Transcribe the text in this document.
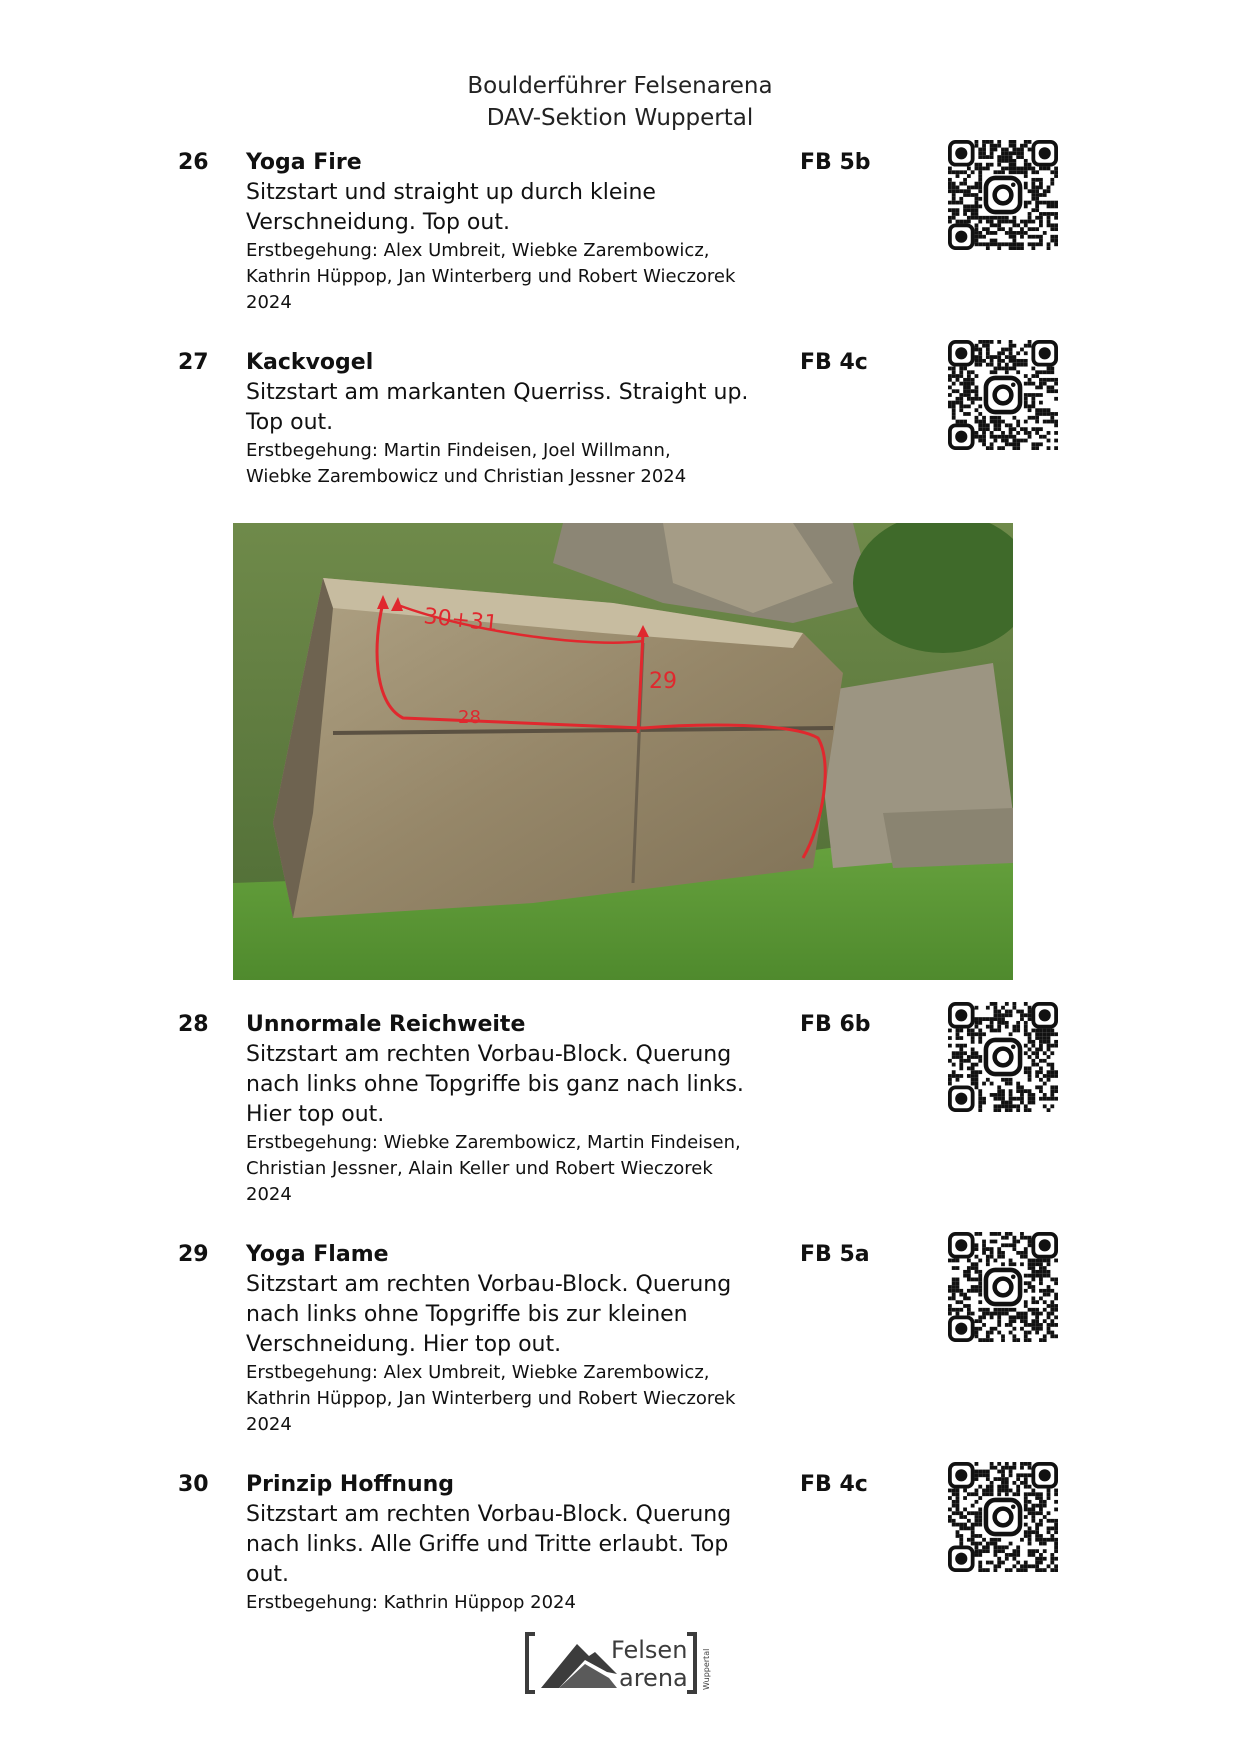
Boulderführer Felsenarena
DAV-Sektion Wuppertal
26 Yoga Fire
Sitzstart und straight up durch kleine
Verschneidung. Top out.
Erstbegehung: Alex Umbreit, Wiebke Zarembowicz,
Kathrin Hüppop, Jan Winterberg und Robert Wieczorek
2024
FB 5b
27 Kackvogel
Sitzstart am markanten Querriss. Straight up.
Top out.
Erstbegehung: Martin Findeisen, Joel Willmann,
Wiebke Zarembowicz und Christian Jessner 2024
FB 4c
30+31
29
28
28 Unnormale Reichweite
Sitzstart am rechten Vorbau-Block. Querung
nach links ohne Topgriffe bis ganz nach links.
Hier top out.
Erstbegehung: Wiebke Zarembowicz, Martin Findeisen,
Christian Jessner, Alain Keller und Robert Wieczorek
2024
FB 6b
29 Yoga Flame
Sitzstart am rechten Vorbau-Block. Querung
nach links ohne Topgriffe bis zur kleinen
Verschneidung. Hier top out.
Erstbegehung: Alex Umbreit, Wiebke Zarembowicz,
Kathrin Hüppop, Jan Winterberg und Robert Wieczorek
2024
FB 5a
30 Prinzip Hoffnung
Sitzstart am rechten Vorbau-Block. Querung
nach links. Alle Griffe und Tritte erlaubt. Top
out.
Erstbegehung: Kathrin Hüppop 2024
FB 4c
Felsen
arena Wuppertal
